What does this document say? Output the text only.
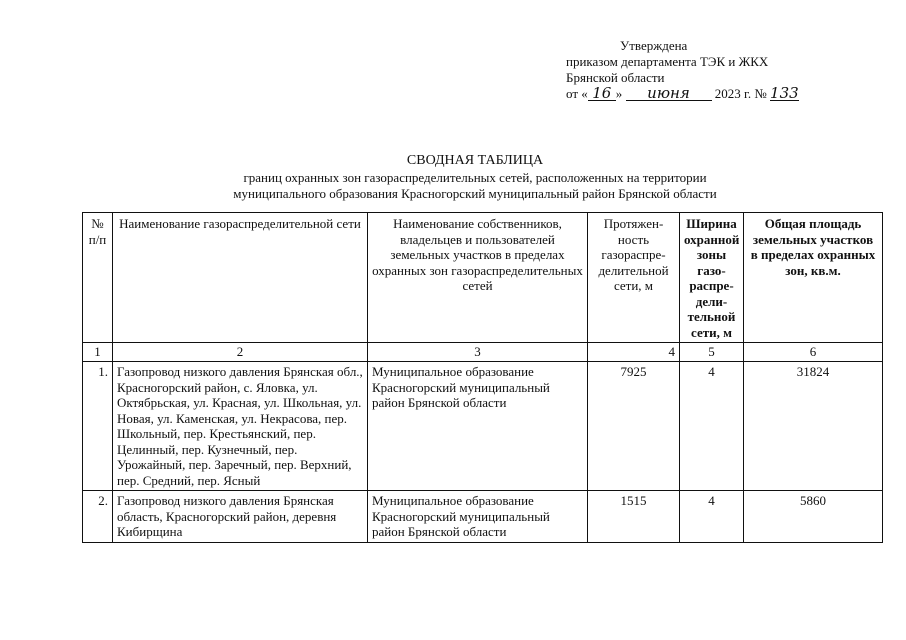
Утверждена
приказом департамента ТЭК и ЖКХ
Брянской области
от « 16 » июня 2023 г. № 133
СВОДНАЯ ТАБЛИЦА
границ охранных зон газораспределительных сетей, расположенных на территории
муниципального образования Красногорский муниципальный район Брянской области
№ п/п	Наименование газораспределительной сети	Наименование собственников, владельцев и пользователей земельных участков в пределах охранных зон газораспределительных сетей	Протяжен-ность газораспре-делительной сети, м	Ширина охранной зоны газо-распре-дели-тельной сети, м	Общая площадь земельных участков в пределах охранных зон, кв.м.
1	2	3	4	5	6
1.	Газопровод низкого давления Брянская обл., Красногорский район, с. Яловка, ул. Октябрьская, ул. Красная, ул. Школьная, ул. Новая, ул. Каменская, ул. Некрасова, пер. Школьный, пер. Крестьянский, пер. Целинный, пер. Кузнечный, пер. Урожайный, пер. Заречный, пер. Верхний, пер. Средний, пер. Ясный	Муниципальное образование Красногорский муниципальный район Брянской области	7925	4	31824
2.	Газопровод низкого давления Брянская область, Красногорский район, деревня Кибирщина	Муниципальное образование Красногорский муниципальный район Брянской области	1515	4	5860
